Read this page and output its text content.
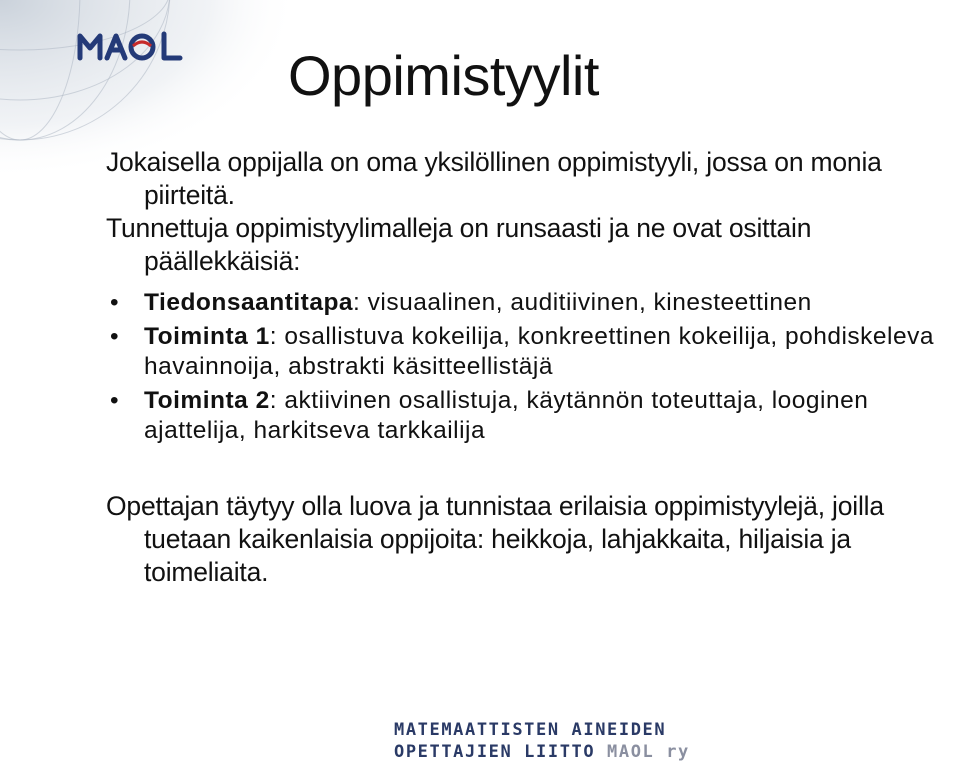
Oppimistyylit

Jokaisella oppijalla on oma yksilöllinen oppimistyyli, jossa on monia piirteitä.

Tunnettuja oppimistyylimalleja on runsaasti ja ne ovat osittain päällekkäisiä:

• Tiedonsaantitapa: visuaalinen, auditiivinen, kinesteettinen
• Toiminta 1: osallistuva kokeilija, konkreettinen kokeilija, pohdiskeleva havainnoija, abstrakti käsitteellistäjä
• Toiminta 2: aktiivinen osallistuja, käytännön toteuttaja, looginen ajattelija, harkitseva tarkkailija

Opettajan täytyy olla luova ja tunnistaa erilaisia oppimistyylejä, joilla tuetaan kaikenlaisia oppijoita: heikkoja, lahjakkaita, hiljaisia ja toimeliaita.

MATEMAATTISTEN AINEIDEN
OPETTAJIEN LIITTO MAOL ry
